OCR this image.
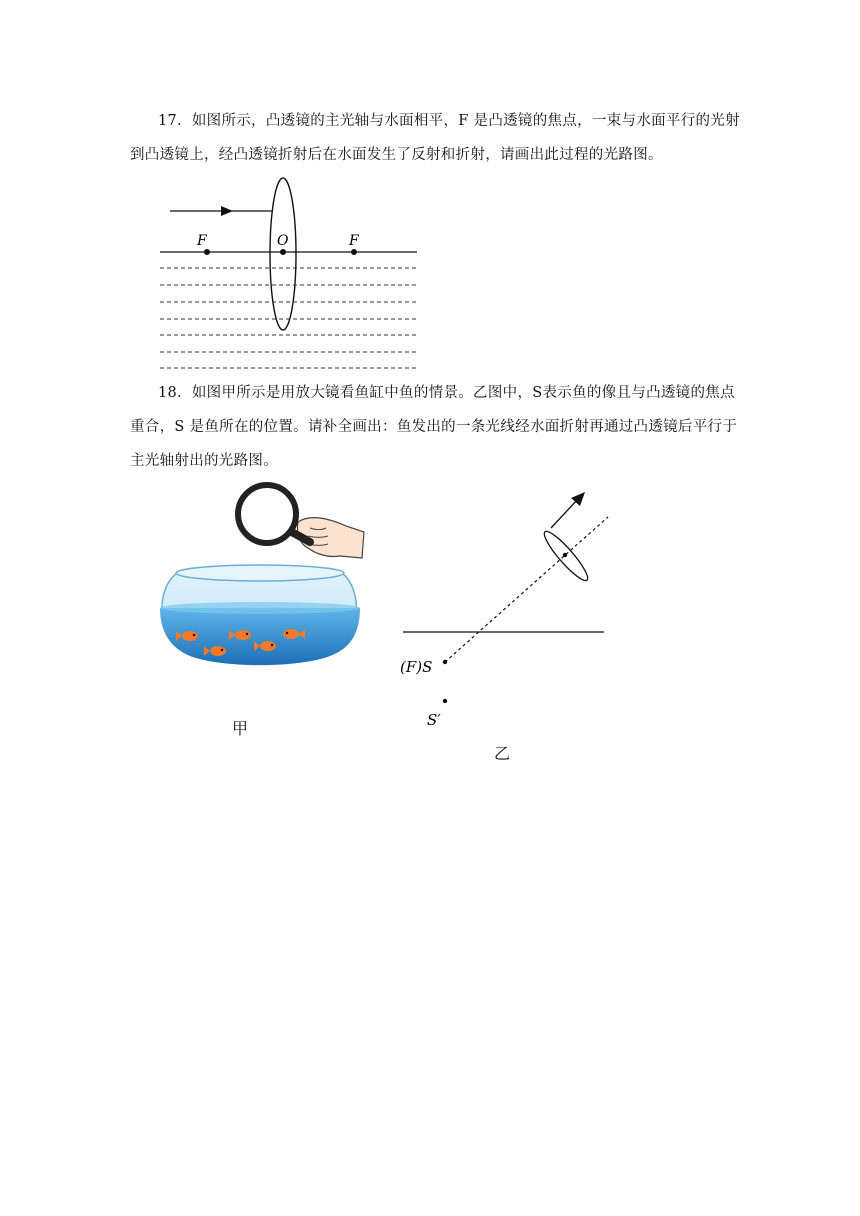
17．如图所示，凸透镜的主光轴与水面相平，F 是凸透镜的焦点，一束与水面平行的光射到凸透镜上，经凸透镜折射后在水面发生了反射和折射，请画出此过程的光路图。
F	O	F
18．如图甲所示是用放大镜看鱼缸中鱼的情景。乙图中，S表示鱼的像且与凸透镜的焦点重合，S 是鱼所在的位置。请补全画出：鱼发出的一条光线经水面折射再通过凸透镜后平行于主光轴射出的光路图。
甲
(F)S
S′
乙
